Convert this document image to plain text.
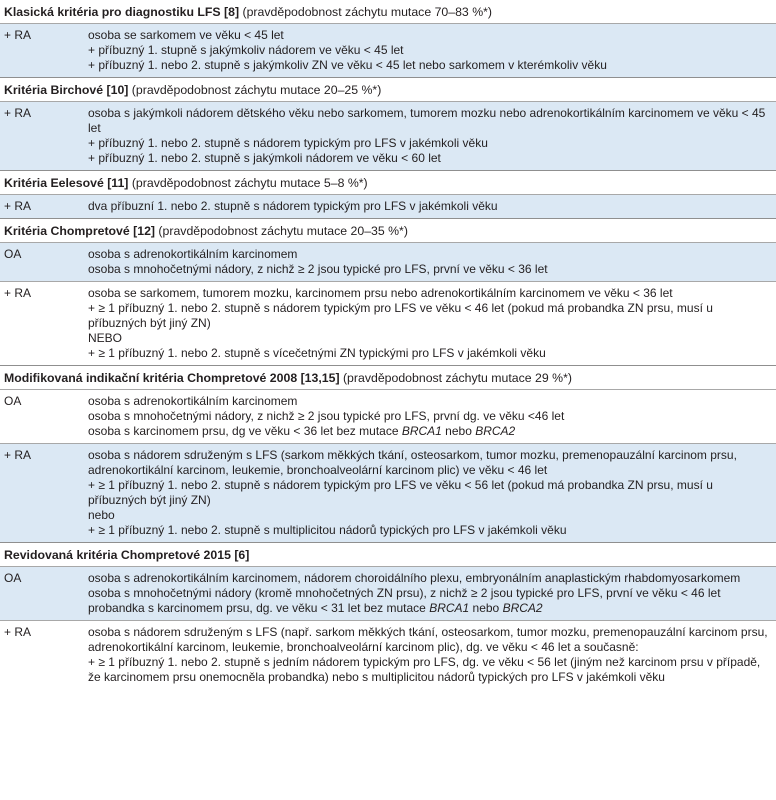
Klasická kritéria pro diagnostiku LFS [8] (pravděpodobnost záchytu mutace 70–83 %*)
+ RA	osoba se sarkomem ve věku < 45 let
+ příbuzný 1. stupně s jakýmkoliv nádorem ve věku < 45 let
+ příbuzný 1. nebo 2. stupně s jakýmkoliv ZN ve věku < 45 let nebo sarkomem v kterémkoliv věku
Kritéria Birchové [10] (pravděpodobnost záchytu mutace 20–25 %*)
+ RA	osoba s jakýmkoli nádorem dětského věku nebo sarkomem, tumorem mozku nebo adrenokortikálním karcinomem ve věku < 45 let
+ příbuzný 1. nebo 2. stupně s nádorem typickým pro LFS v jakémkoli věku
+ příbuzný 1. nebo 2. stupně s jakýmkoli nádorem ve věku < 60 let
Kritéria Eelesové [11] (pravděpodobnost záchytu mutace 5–8 %*)
+ RA	dva příbuzní 1. nebo 2. stupně s nádorem typickým pro LFS v jakémkoli věku
Kritéria Chompretové [12] (pravděpodobnost záchytu mutace 20–35 %*)
OA	osoba s adrenokortikálním karcinomem
osoba s mnohočetnými nádory, z nichž ≥ 2 jsou typické pro LFS, první ve věku < 36 let
+ RA	osoba se sarkomem, tumorem mozku, karcinomem prsu nebo adrenokortikálním karcinomem ve věku < 36 let
+ ≥ 1 příbuzný 1. nebo 2. stupně s nádorem typickým pro LFS ve věku < 46 let (pokud má probandka ZN prsu, musí u příbuzných být jiný ZN)
NEBO
+ ≥ 1 příbuzný 1. nebo 2. stupně s vícečetnými ZN typickými pro LFS v jakémkoli věku
Modifikovaná indikační kritéria Chompretové 2008 [13,15] (pravděpodobnost záchytu mutace 29 %*)
OA	osoba s adrenokortikálním karcinomem
osoba s mnohočetnými nádory, z nichž ≥ 2 jsou typické pro LFS, první dg. ve věku <46 let
osoba s karcinomem prsu, dg ve věku < 36 let bez mutace BRCA1 nebo BRCA2
+ RA	osoba s nádorem sdruženým s LFS (sarkom měkkých tkání, osteosarkom, tumor mozku, premenopauzální karcinom prsu, adrenokortikální karcinom, leukemie, bronchoalveolární karcinom plic) ve věku < 46 let
+ ≥ 1 příbuzný 1. nebo 2. stupně s nádorem typickým pro LFS ve věku < 56 let (pokud má probandka ZN prsu, musí u příbuzných být jiný ZN)
nebo
+ ≥ 1 příbuzný 1. nebo 2. stupně s multiplicitou nádorů typických pro LFS v jakémkoli věku
Revidovaná kritéria Chompretové 2015 [6]
OA	osoba s adrenokortikálním karcinomem, nádorem choroidálního plexu, embryonálním anaplastickým rhabdomyosarkomem
osoba s mnohočetnými nádory (kromě mnohočetných ZN prsu), z nichž ≥ 2 jsou typické pro LFS, první ve věku < 46 let
probandka s karcinomem prsu, dg. ve věku < 31 let bez mutace BRCA1 nebo BRCA2
+ RA	osoba s nádorem sdruženým s LFS (např. sarkom měkkých tkání, osteosarkom, tumor mozku, premenopauzální karcinom prsu, adrenokortikální karcinom, leukemie, bronchoalveolární karcinom plic), dg. ve věku < 46 let a současně:
+ ≥ 1 příbuzný 1. nebo 2. stupně s jedním nádorem typickým pro LFS, dg. ve věku < 56 let (jiným než karcinom prsu v případě, že karcinomem prsu onemocněla probandka) nebo s multiplicitou nádorů typických pro LFS v jakémkoli věku
